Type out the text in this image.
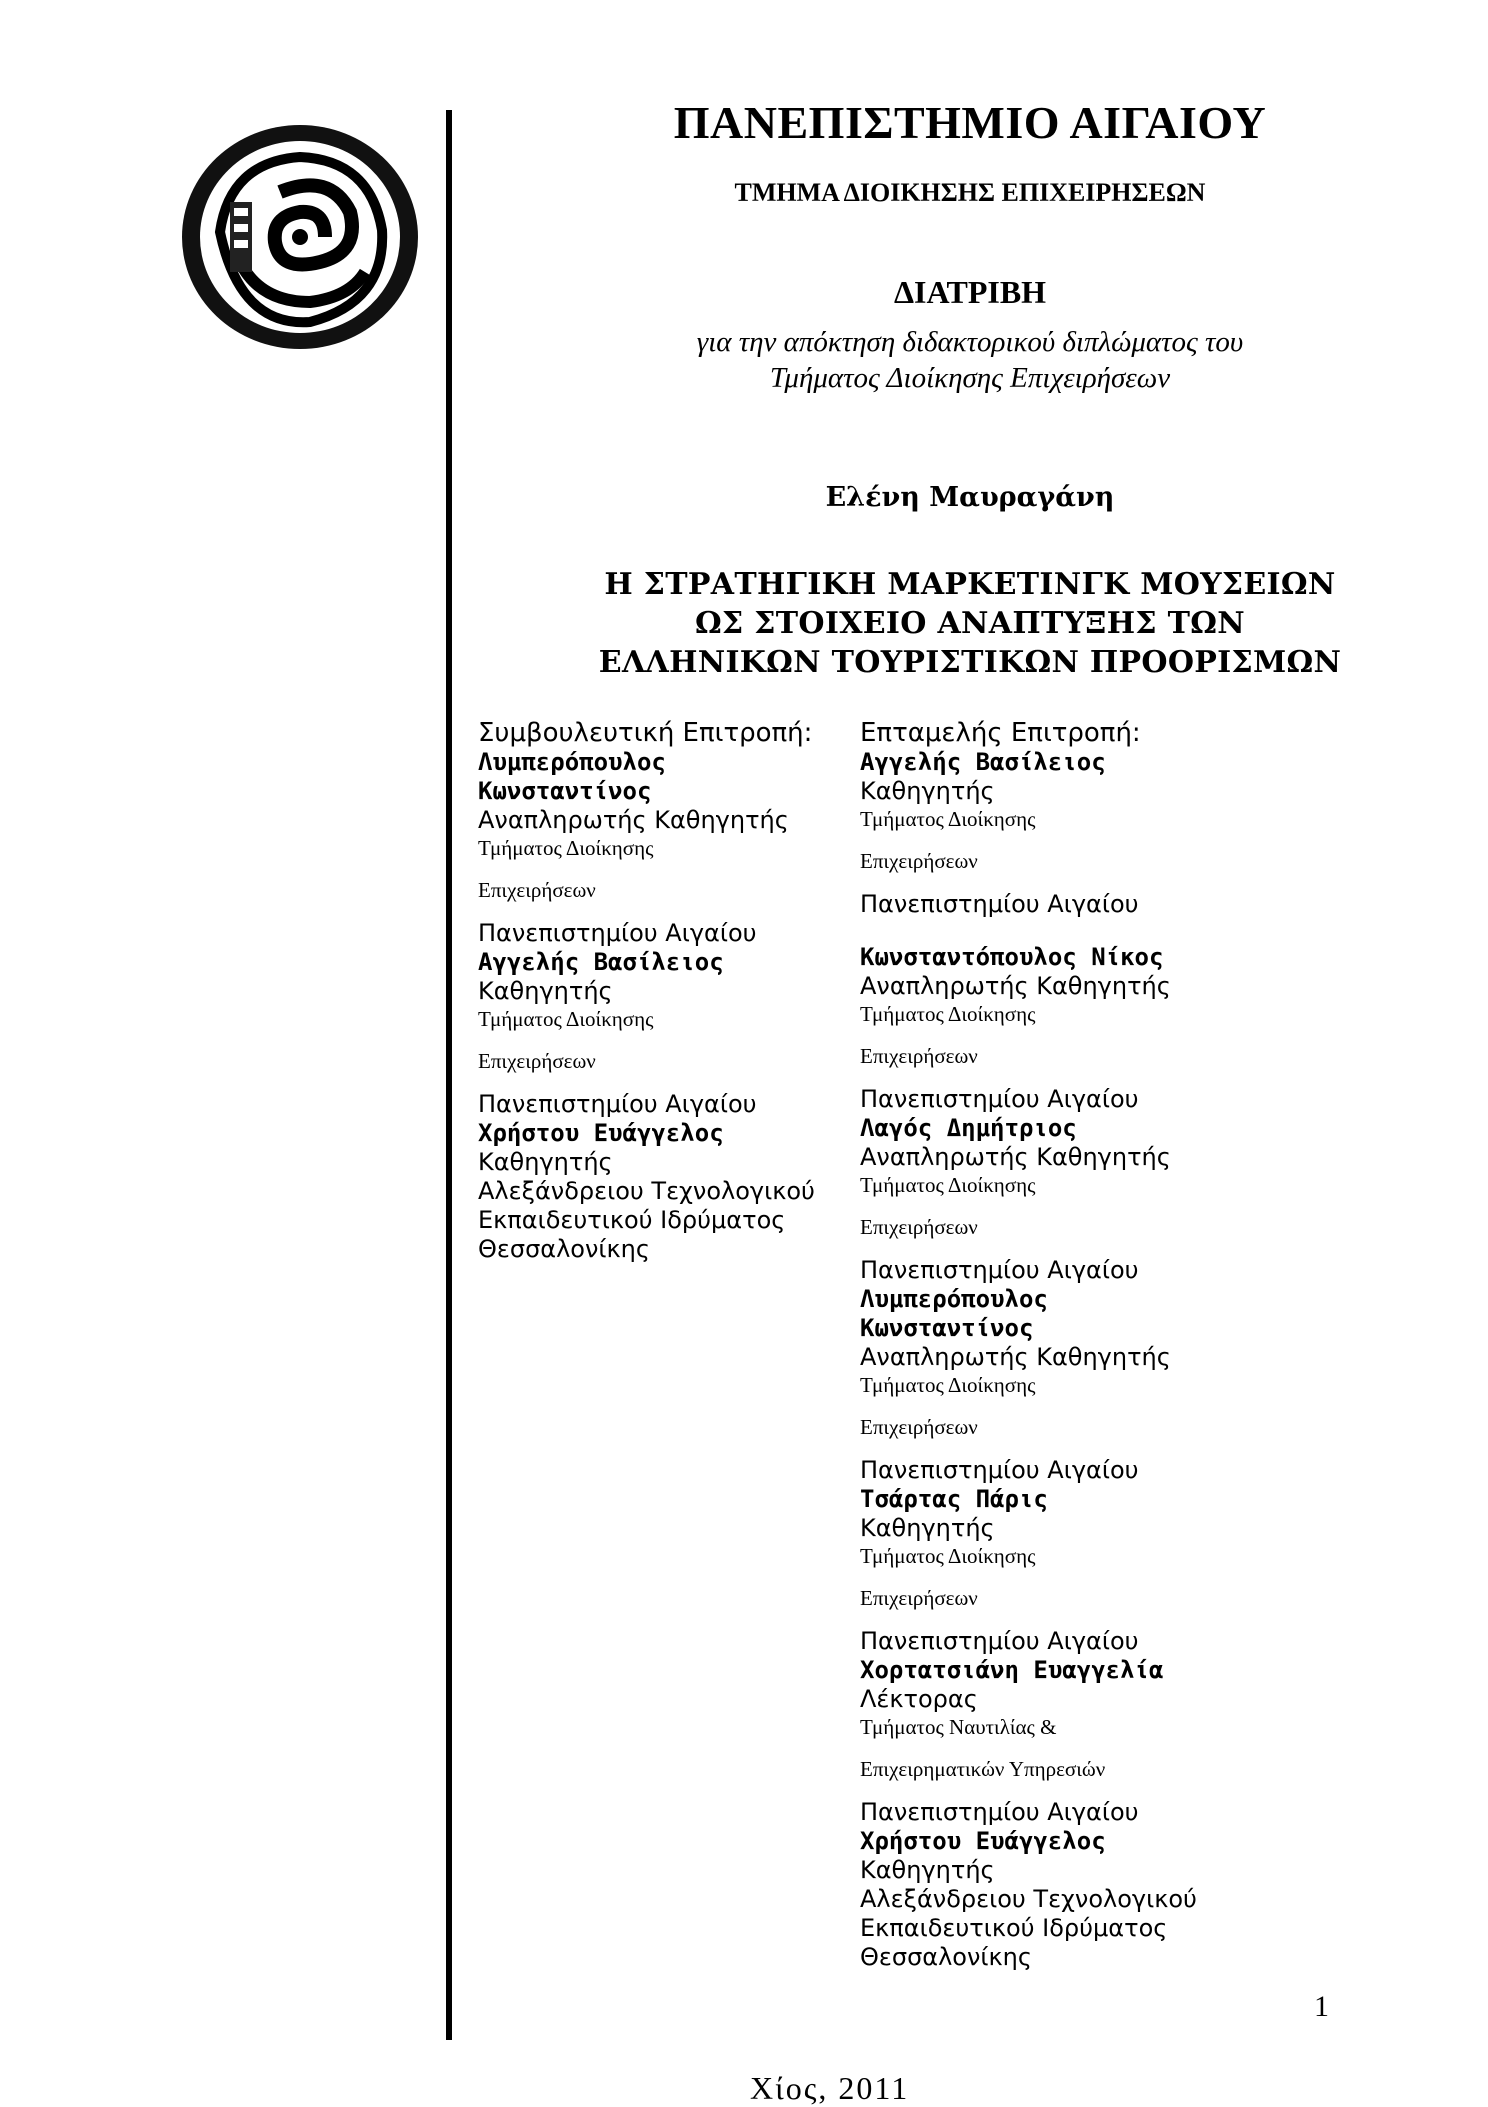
ΠΑΝΕΠΙΣΤΗΜΙΟ ΑΙΓΑΙΟΥ
ΤΜΗΜΑ ΔΙΟΙΚΗΣΗΣ ΕΠΙΧΕΙΡΗΣΕΩΝ
ΔΙΑΤΡΙΒΗ
για την απόκτηση διδακτορικού διπλώματος του
Τμήματος Διοίκησης Επιχειρήσεων
Ελένη Μαυραγάνη
Η ΣΤΡΑΤΗΓΙΚΗ ΜΑΡΚΕΤΙΝΓΚ ΜΟΥΣΕΙΩΝ
ΩΣ ΣΤΟΙΧΕΙΟ ΑΝΑΠΤΥΞΗΣ ΤΩΝ
ΕΛΛΗΝΙΚΩΝ ΤΟΥΡΙΣΤΙΚΩΝ ΠΡΟΟΡΙΣΜΩΝ
Συμβουλευτική Επιτροπή:
Λυμπερόπουλος
Κωνσταντίνος
Αναπληρωτής Καθηγητής
Τμήματος Διοίκησης
Επιχειρήσεων
Πανεπιστημίου Αιγαίου
Αγγελής Βασίλειος
Καθηγητής
Τμήματος Διοίκησης
Επιχειρήσεων
Πανεπιστημίου Αιγαίου
Χρήστου Ευάγγελος
Καθηγητής
Αλεξάνδρειου Τεχνολογικού
Εκπαιδευτικού Ιδρύματος
Θεσσαλονίκης
Επταμελής Επιτροπή:
Αγγελής Βασίλειος
Καθηγητής
Τμήματος Διοίκησης
Επιχειρήσεων
Πανεπιστημίου Αιγαίου
Κωνσταντόπουλος Νίκος
Αναπληρωτής Καθηγητής
Τμήματος Διοίκησης
Επιχειρήσεων
Πανεπιστημίου Αιγαίου
Λαγός Δημήτριος
Αναπληρωτής Καθηγητής
Τμήματος Διοίκησης
Επιχειρήσεων
Πανεπιστημίου Αιγαίου
Λυμπερόπουλος
Κωνσταντίνος
Αναπληρωτής Καθηγητής
Τμήματος Διοίκησης
Επιχειρήσεων
Πανεπιστημίου Αιγαίου
Τσάρτας Πάρις
Καθηγητής
Τμήματος Διοίκησης
Επιχειρήσεων
Πανεπιστημίου Αιγαίου
Χορτατσιάνη Ευαγγελία
Λέκτορας
Τμήματος Ναυτιλίας &
Επιχειρηματικών Υπηρεσιών
Πανεπιστημίου Αιγαίου
Χρήστου Ευάγγελος
Καθηγητής
Αλεξάνδρειου Τεχνολογικού
Εκπαιδευτικού Ιδρύματος
Θεσσαλονίκης
1
Χίος, 2011
